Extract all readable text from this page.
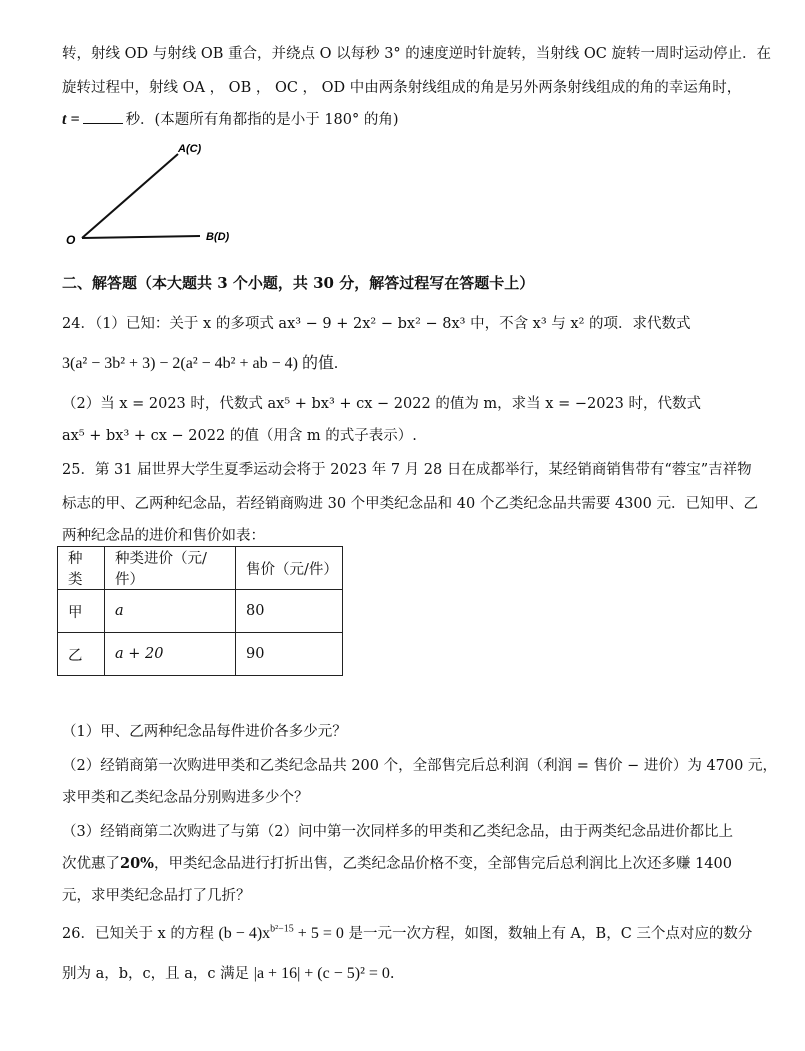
转，射线 OD 与射线 OB 重合，并绕点 O 以每秒 3° 的速度逆时针旋转，当射线 OC 旋转一周时运动停止．在
旋转过程中，射线 OA ， OB ， OC ， OD 中由两条射线组成的角是另外两条射线组成的角的幸运角时，
t =	秒．(本题所有角都指的是小于 180° 的角)
A(C)
O	B(D)
二、解答题（本大题共 3 个小题，共 30 分，解答过程写在答题卡上）
24．（1）已知：关于 x 的多项式 ax³ − 9 + 2x² − bx² − 8x³ 中，不含 x³ 与 x² 的项．求代数式
3(a² − 3b² + 3) − 2(a² − 4b² + ab − 4) 的值.
（2）当 x = 2023 时，代数式 ax⁵ + bx³ + cx − 2022 的值为 m，求当 x = −2023 时，代数式
ax⁵ + bx³ + cx − 2022 的值（用含 m 的式子表示）.
25．第 31 届世界大学生夏季运动会将于 2023 年 7 月 28 日在成都举行，某经销商销售带有“蓉宝”吉祥物
标志的甲、乙两种纪念品，若经销商购进 30 个甲类纪念品和 40 个乙类纪念品共需要 4300 元．已知甲、乙
两种纪念品的进价和售价如表：
种类	种类进价（元/件）	售价（元/件）
甲	a	80
乙	a + 20	90
（1）甲、乙两种纪念品每件进价各多少元？
（2）经销商第一次购进甲类和乙类纪念品共 200 个，全部售完后总利润（利润 = 售价 − 进价）为 4700 元，
求甲类和乙类纪念品分别购进多少个？
（3）经销商第二次购进了与第（2）问中第一次同样多的甲类和乙类纪念品，由于两类纪念品进价都比上
次优惠了20%，甲类纪念品进行打折出售，乙类纪念品价格不变，全部售完后总利润比上次还多赚 1400
元，求甲类纪念品打了几折？
26．已知关于 x 的方程 $(b - 4)x^{b^2-15} + 5 = 0$ 是一元一次方程，如图，数轴上有 A，B，C 三个点对应的数分
别为 a，b，c，且 a，c 满足 |a + 16| + (c − 5)² = 0.
